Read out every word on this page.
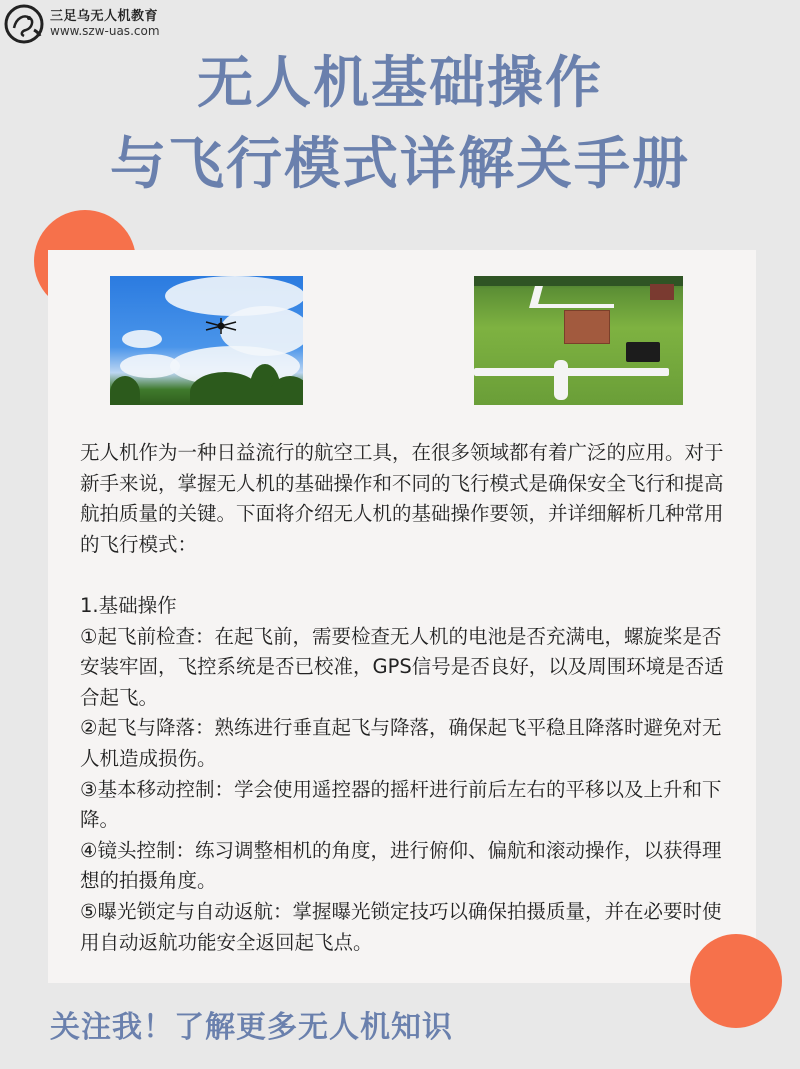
三足乌无人机教育
www.szw-uas.com
无人机基础操作
与飞行模式详解关手册

无人机作为一种日益流行的航空工具，在很多领域都有着广泛的应用。对于新手来说，掌握无人机的基础操作和不同的飞行模式是确保安全飞行和提高航拍质量的关键。下面将介绍无人机的基础操作要领，并详细解析几种常用的飞行模式：

1.基础操作

①起飞前检查：在起飞前，需要检查无人机的电池是否充满电，螺旋桨是否安装牢固，飞控系统是否已校准，GPS信号是否良好，以及周围环境是否适合起飞。

②起飞与降落：熟练进行垂直起飞与降落，确保起飞平稳且降落时避免对无人机造成损伤。

③基本移动控制：学会使用遥控器的摇杆进行前后左右的平移以及上升和下降。

④镜头控制：练习调整相机的角度，进行俯仰、偏航和滚动操作，以获得理想的拍摄角度。

⑤曝光锁定与自动返航：掌握曝光锁定技巧以确保拍摄质量，并在必要时使用自动返航功能安全返回起飞点。

关注我！了解更多无人机知识
